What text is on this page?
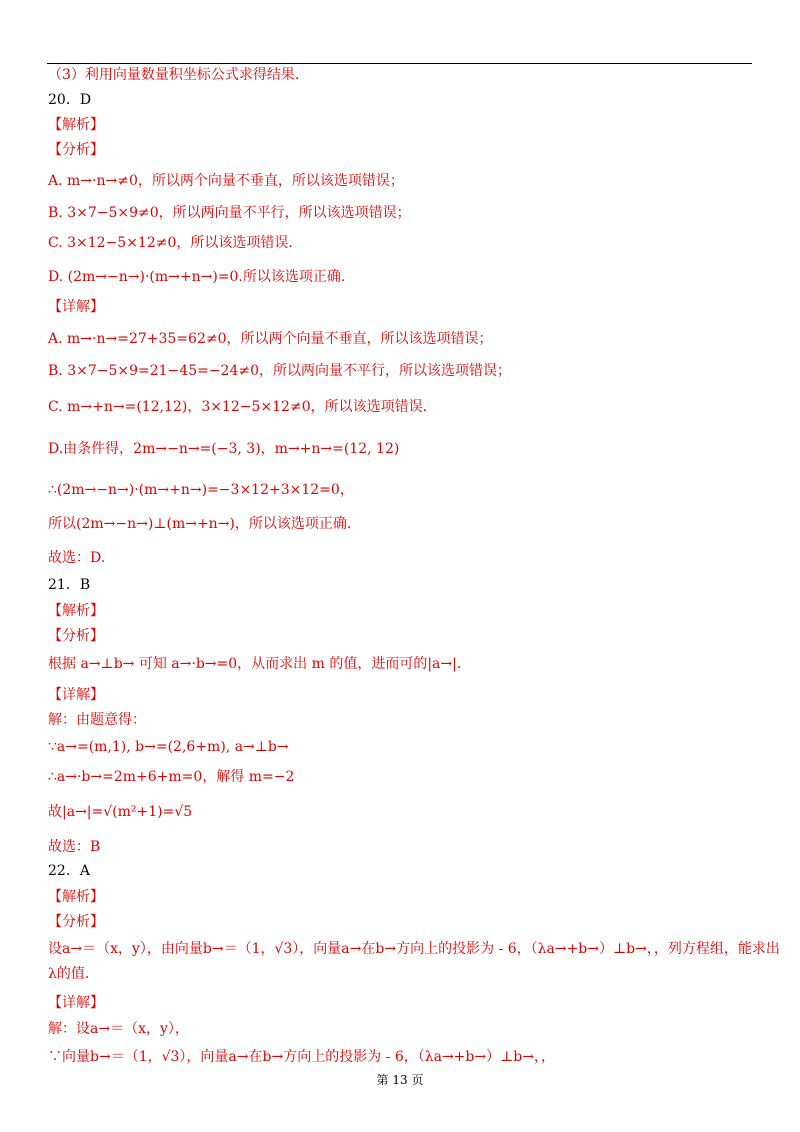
（3）利用向量数量积坐标公式求得结果.
20．D
【解析】
【分析】
A. m→·n→≠0，所以两个向量不垂直，所以该选项错误；
B. 3×7−5×9≠0，所以两向量不平行，所以该选项错误；
C. 3×12−5×12≠0，所以该选项错误.
D. (2m→−n→)·(m→+n→)=0.所以该选项正确.
【详解】
A. m→·n→=27+35=62≠0，所以两个向量不垂直，所以该选项错误；
B. 3×7−5×9=21−45=−24≠0，所以两向量不平行，所以该选项错误；
C. m→+n→=(12,12)，3×12−5×12≠0，所以该选项错误.
D.由条件得，2m→−n→=(−3, 3)，m→+n→=(12, 12)
∴(2m→−n→)·(m→+n→)=−3×12+3×12=0，
所以(2m→−n→)⊥(m→+n→)，所以该选项正确.
故选：D.
21．B
【解析】
【分析】
根据 a→⊥b→ 可知 a→·b→=0，从而求出 m 的值，进而可的|a→|.
【详解】
解：由题意得：
∵a→=(m,1), b→=(2,6+m), a→⊥b→
∴a→·b→=2m+6+m=0，解得 m=−2
故|a→|=√(m²+1)=√5
故选：B
22．A
【解析】
【分析】
设a→＝（x，y），由向量b→＝（1，√3），向量a→在b→方向上的投影为 - 6，（λa→+b→）⊥b→，，列方程组，能求出
λ的值.
【详解】
解：设a→＝（x，y），
∵向量b→＝（1，√3），向量a→在b→方向上的投影为 - 6，（λa→+b→）⊥b→，，
第 13 页
